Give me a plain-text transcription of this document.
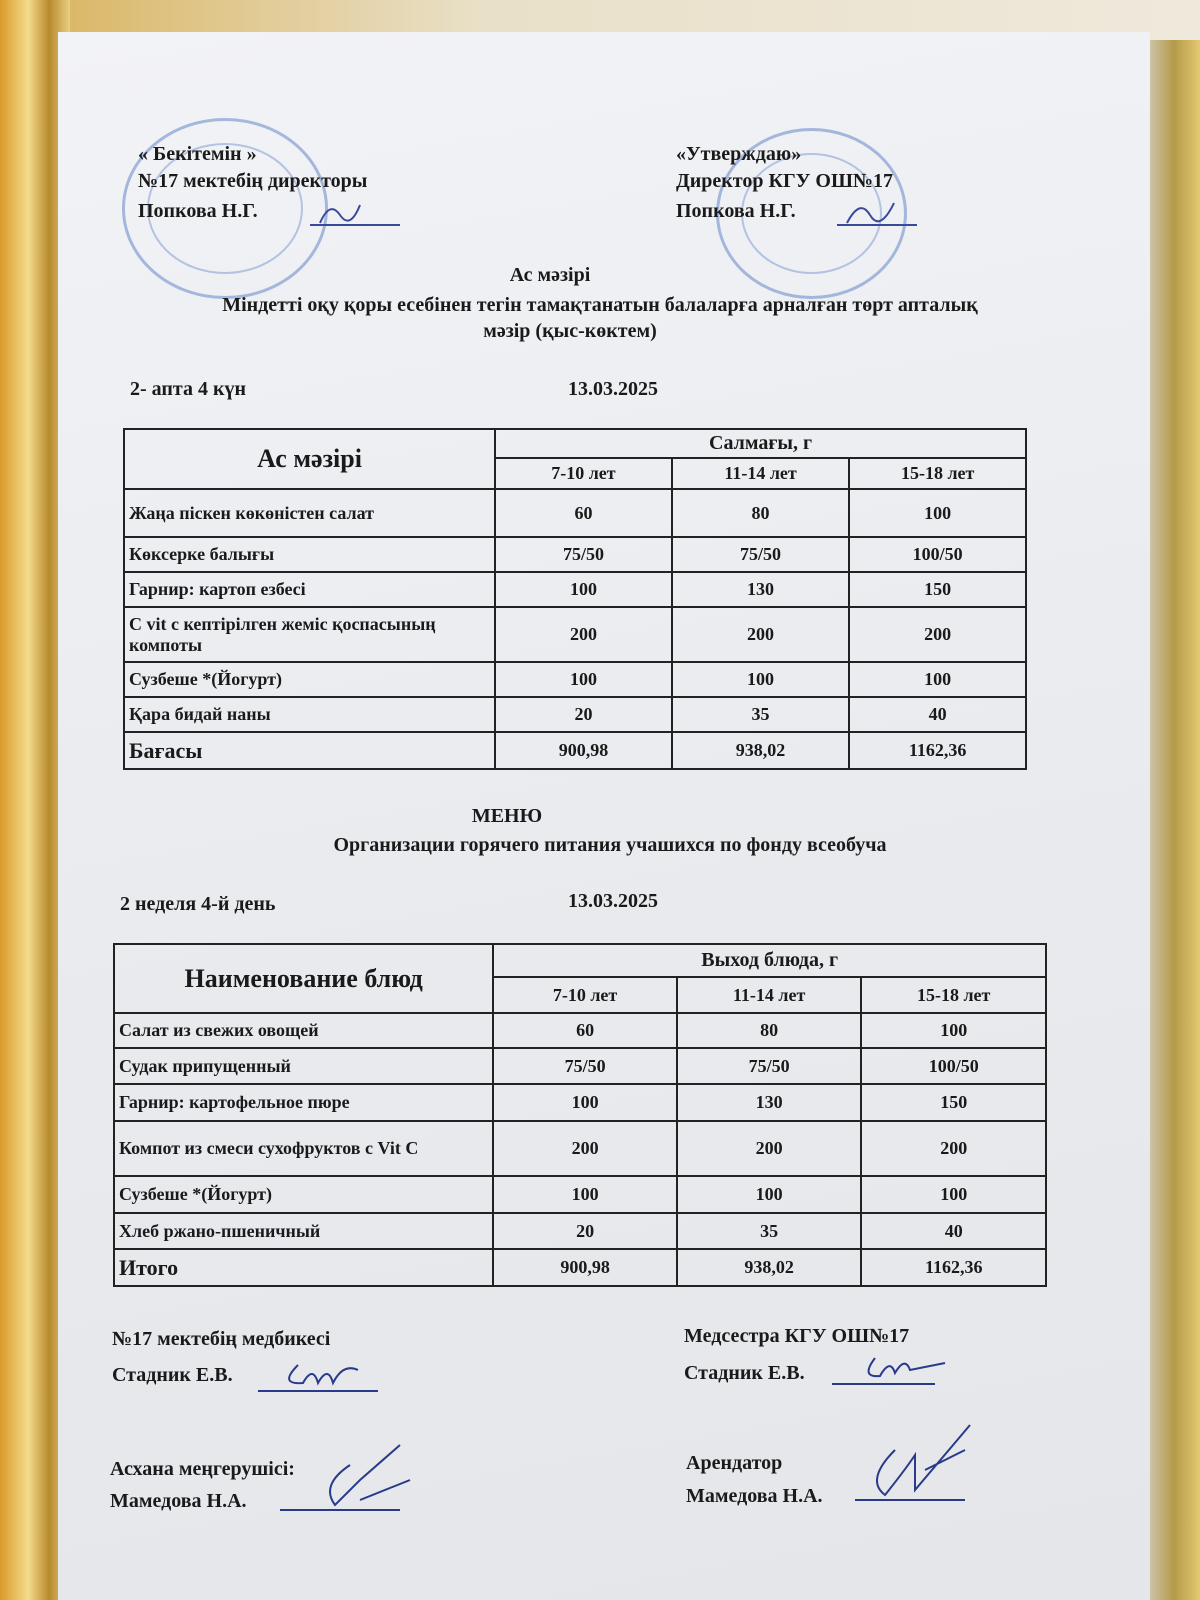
« Бекітемін »
№17 мектебің директоры
Попкова Н.Г.
«Утверждаю»
Директор КГУ ОШ№17
Попкова Н.Г.
Ас мәзірі
Міндетті оқу қоры есебінен тегін тамақтанатын балаларға арналған төрт апталық
мәзір (қыс-көктем)
2- апта 4 күн	13.03.2025
Ас мәзірі	Салмағы, г		
	7-10 лет	11-14 лет	15-18 лет
Жаңа піскен көкөністен салат	60	80	100
Көксерке балығы	75/50	75/50	100/50
Гарнир: картоп езбесі	100	130	150
C vit c кептірілген жеміс қоспасының компоты	200	200	200
Сузбеше *(Йогурт)	100	100	100
Қара бидай наны	20	35	40
Бағасы	900,98	938,02	1162,36
МЕНЮ
Организации горячего питания учашихся по фонду всеобуча
2 неделя 4-й день	13.03.2025
Наименование блюд	Выход блюда, г		
	7-10 лет	11-14 лет	15-18 лет
Салат из свежих овощей	60	80	100
Судак припущенный	75/50	75/50	100/50
Гарнир: картофельное пюре	100	130	150
Компот из смеси сухофруктов с Vit C	200	200	200
Сузбеше *(Йогурт)	100	100	100
Хлеб ржано-пшеничный	20	35	40
Итого	900,98	938,02	1162,36
№17 мектебің медбикесі
Стадник Е.В.
Медсестра КГУ ОШ№17
Стадник Е.В.
Асхана меңгерушісі:
Мамедова Н.А.
Арендатор
Мамедова Н.А.
